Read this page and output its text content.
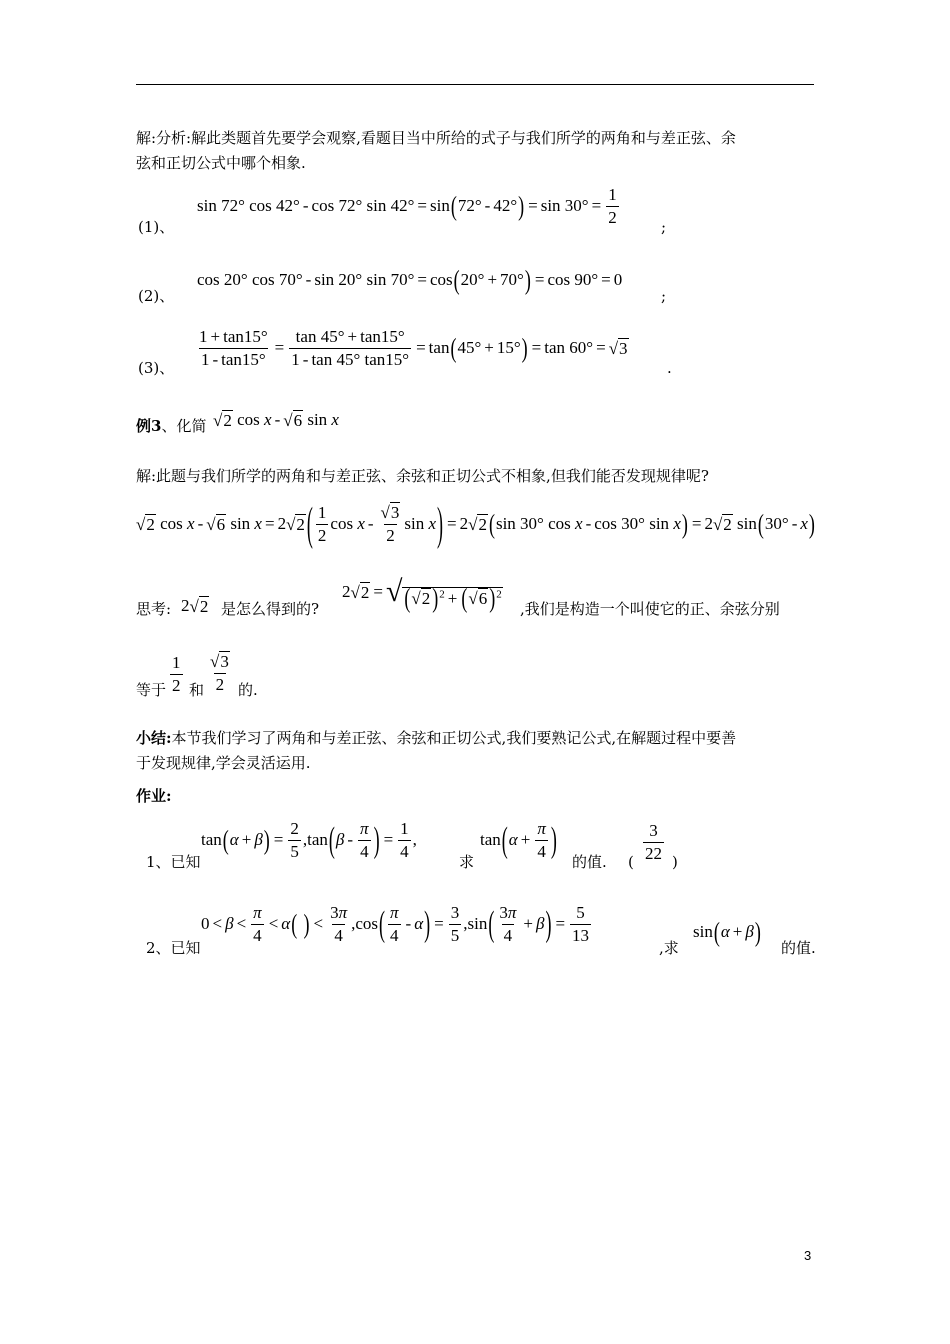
解:分析:解此类题首先要学会观察,看题目当中所给的式子与我们所学的两角和与差正弦、余
弦和正切公式中哪个相象.
(1)、
sin 72° cos 42° - cos 72° sin 42° = sin ( 72° - 42° ) = $\sin 30^\circ = \frac{1}{2}$	;
(2)、
cos 20° cos 70° - sin 20° sin 70° = cos ( 20° + 70° ) = cos 90° = 0
;
(3)、 $\frac{1 + \tan 15^\circ}{1 - \tan 15^\circ} = \frac{\tan 45^\circ + \tan 15^\circ}{1 - \tan 45^\circ \tan 15^\circ} = \tan$ ( 45° + 15° ) = tan 60° = √ 3
.
例3、化简 √ 2 cos x - √ 6 sin x
解:此题与我们所学的两角和与差正弦、余弦和正切公式不相象,但我们能否发现规律呢?
√ 2 cos x - √ 6 sin x = 2 √ 2 ( $\frac{1}{2}$ cos x - $\frac{√ 3}{2}$ sin x ) = 2 √ 2 ( sin 30° cos x - cos 30° sin x ) = 2 √ 2 sin ( 30° - x )
思考: 2 √ 2 是怎么得到的?
2 √ 2 = √ ( √ 2 )$^2$ + ( √ 6 )$^2$
,我们是构造一个叫使它的正、余弦分别
等于 $\frac{1}{2}$ 和 $\frac{√ 3}{2}$ 的.
小结:本节我们学习了两角和与差正弦、余弦和正切公式,我们要熟记公式,在解题过程中要善
于发现规律,学会灵活运用.
作业:
1、已知
tan ( α + β ) = $\frac{2}{5} ,\tan$ ( β - $\frac{\pi}{4}$ ) = $\frac{1}{4}$ ,
求
tan ( $\alpha + \frac{\pi}{4}$ )
的值. ( $\frac{3}{22}$ )
2、已知
$0 < \beta < \frac{\pi}{4} < \alpha$ (
) < $\frac{3\pi}{4} ,\cos$ ( $\frac{\pi}{4}$ - α ) = $\frac{3}{5} ,\sin$ ( $\frac{3\pi}{4} + \beta$ ) = $\frac{5}{13}$
,求
sin ( α + β )
的值.
3
